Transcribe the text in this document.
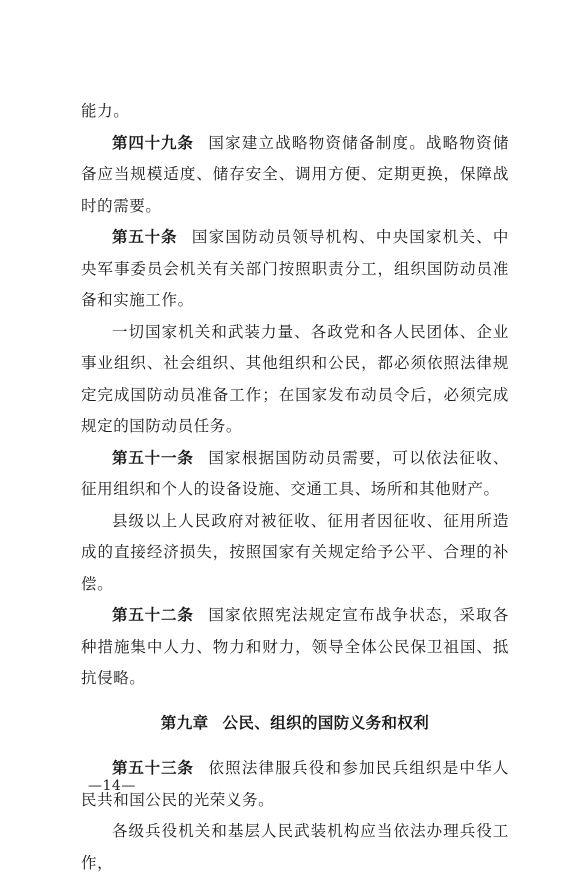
能力。

第四十九条 国家建立战略物资储备制度。战略物资储备应当规模适度、储存安全、调用方便、定期更换，保障战时的需要。

第五十条 国家国防动员领导机构、中央国家机关、中央军事委员会机关有关部门按照职责分工，组织国防动员准备和实施工作。

一切国家机关和武装力量、各政党和各人民团体、企业事业组织、社会组织、其他组织和公民，都必须依照法律规定完成国防动员准备工作；在国家发布动员令后，必须完成规定的国防动员任务。

第五十一条 国家根据国防动员需要，可以依法征收、征用组织和个人的设备设施、交通工具、场所和其他财产。

县级以上人民政府对被征收、征用者因征收、征用所造成的直接经济损失，按照国家有关规定给予公平、合理的补偿。

第五十二条 国家依照宪法规定宣布战争状态，采取各种措施集中人力、物力和财力，领导全体公民保卫祖国、抵抗侵略。

第九章 公民、组织的国防义务和权利

第五十三条 依照法律服兵役和参加民兵组织是中华人民共和国公民的光荣义务。

各级兵役机关和基层人民武装机构应当依法办理兵役工作，

—14—
